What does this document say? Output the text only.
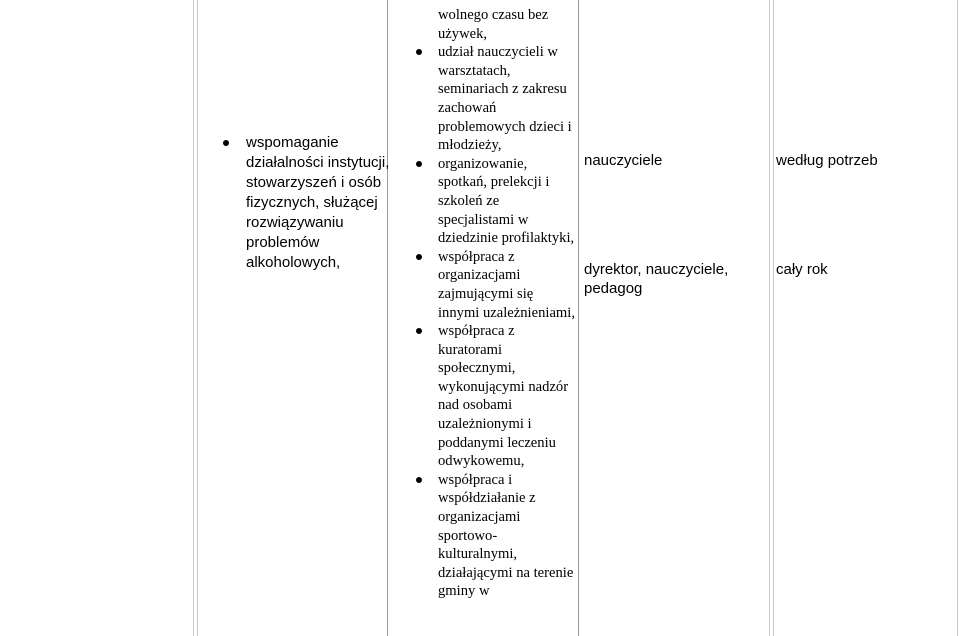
wspomaganie działalności instytucji, stowarzyszeń i osób fizycznych, służącej rozwiązywaniu problemów alkoholowych,
wolnego czasu bez używek,
udział nauczycieli w warsztatach, seminariach z zakresu zachowań problemowych dzieci i młodzieży,
organizowanie, spotkań, prelekcji i szkoleń ze specjalistami w dziedzinie profilaktyki,
współpraca z organizacjami zajmującymi się innymi uzależnieniami,
współpraca z kuratorami społecznymi, wykonującymi nadzór nad osobami uzależnionymi i poddanymi leczeniu odwykowemu,
współpraca i współdziałanie z organizacjami sportowo-kulturalnymi, działającymi na terenie gminy w
nauczyciele
dyrektor, nauczyciele, pedagog
według potrzeb
cały rok
